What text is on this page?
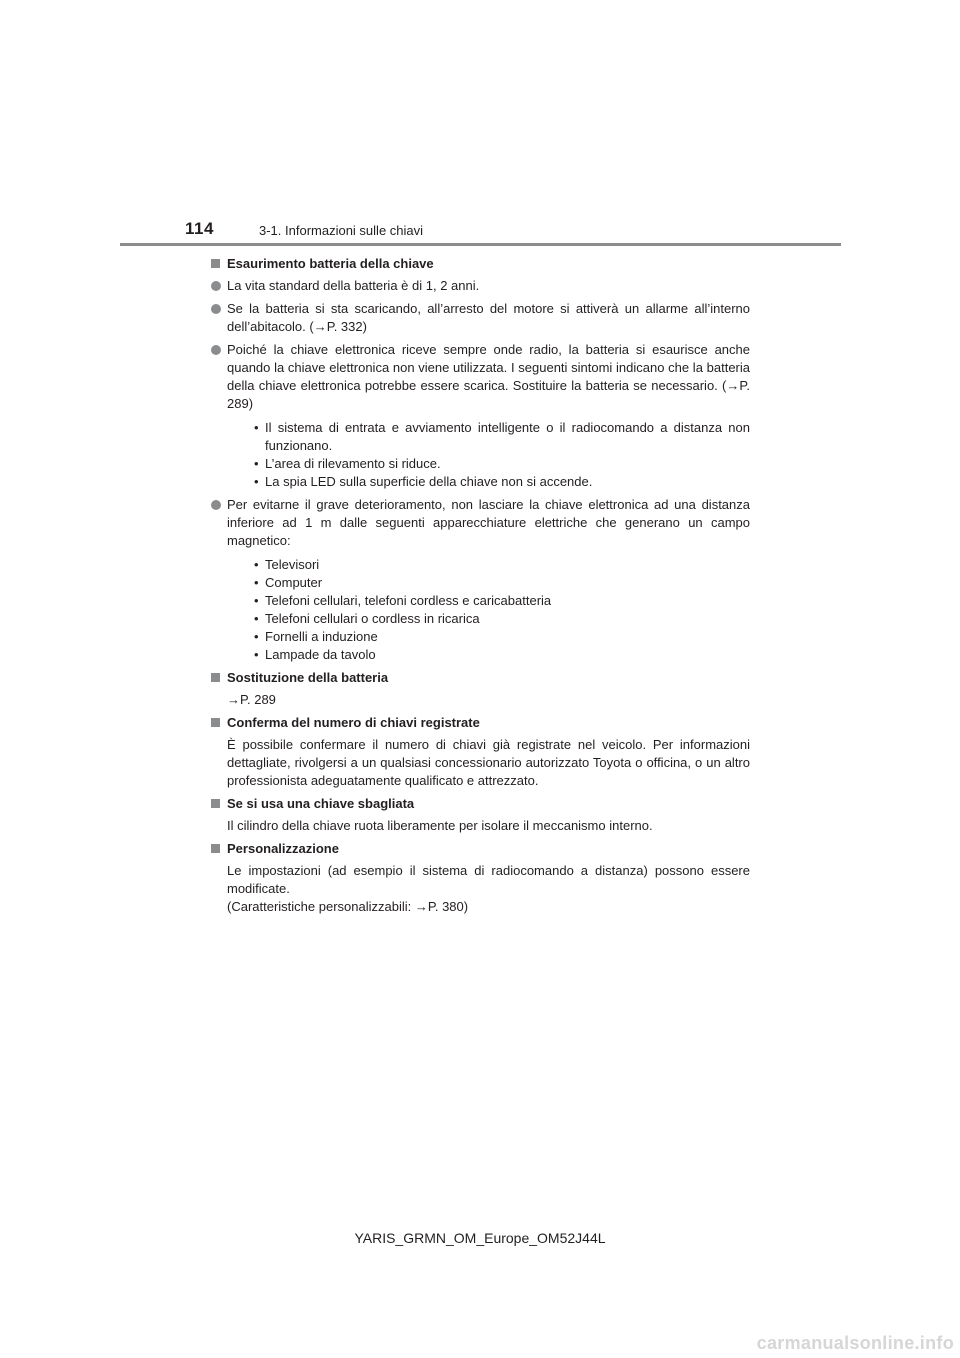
114	3-1. Informazioni sulle chiavi
Esaurimento batteria della chiave
La vita standard della batteria è di 1, 2 anni.
Se la batteria si sta scaricando, all’arresto del motore si attiverà un allarme all’interno dell’abitacolo. (→P. 332)
Poiché la chiave elettronica riceve sempre onde radio, la batteria si esaurisce anche quando la chiave elettronica non viene utilizzata. I seguenti sintomi indicano che la batteria della chiave elettronica potrebbe essere scarica. Sostituire la batteria se necessario. (→P. 289)
• Il sistema di entrata e avviamento intelligente o il radiocomando a distanza non funzionano.
• L’area di rilevamento si riduce.
• La spia LED sulla superficie della chiave non si accende.
Per evitarne il grave deterioramento, non lasciare la chiave elettronica ad una distanza inferiore ad 1 m dalle seguenti apparecchiature elettriche che generano un campo magnetico:
• Televisori
• Computer
• Telefoni cellulari, telefoni cordless e caricabatteria
• Telefoni cellulari o cordless in ricarica
• Fornelli a induzione
• Lampade da tavolo
Sostituzione della batteria
→P. 289
Conferma del numero di chiavi registrate
È possibile confermare il numero di chiavi già registrate nel veicolo. Per informazioni dettagliate, rivolgersi a un qualsiasi concessionario autorizzato Toyota o officina, o un altro professionista adeguatamente qualificato e attrezzato.
Se si usa una chiave sbagliata
Il cilindro della chiave ruota liberamente per isolare il meccanismo interno.
Personalizzazione
Le impostazioni (ad esempio il sistema di radiocomando a distanza) possono essere modificate.
(Caratteristiche personalizzabili: →P. 380)
YARIS_GRMN_OM_Europe_OM52J44L
carmanualsonline.info
